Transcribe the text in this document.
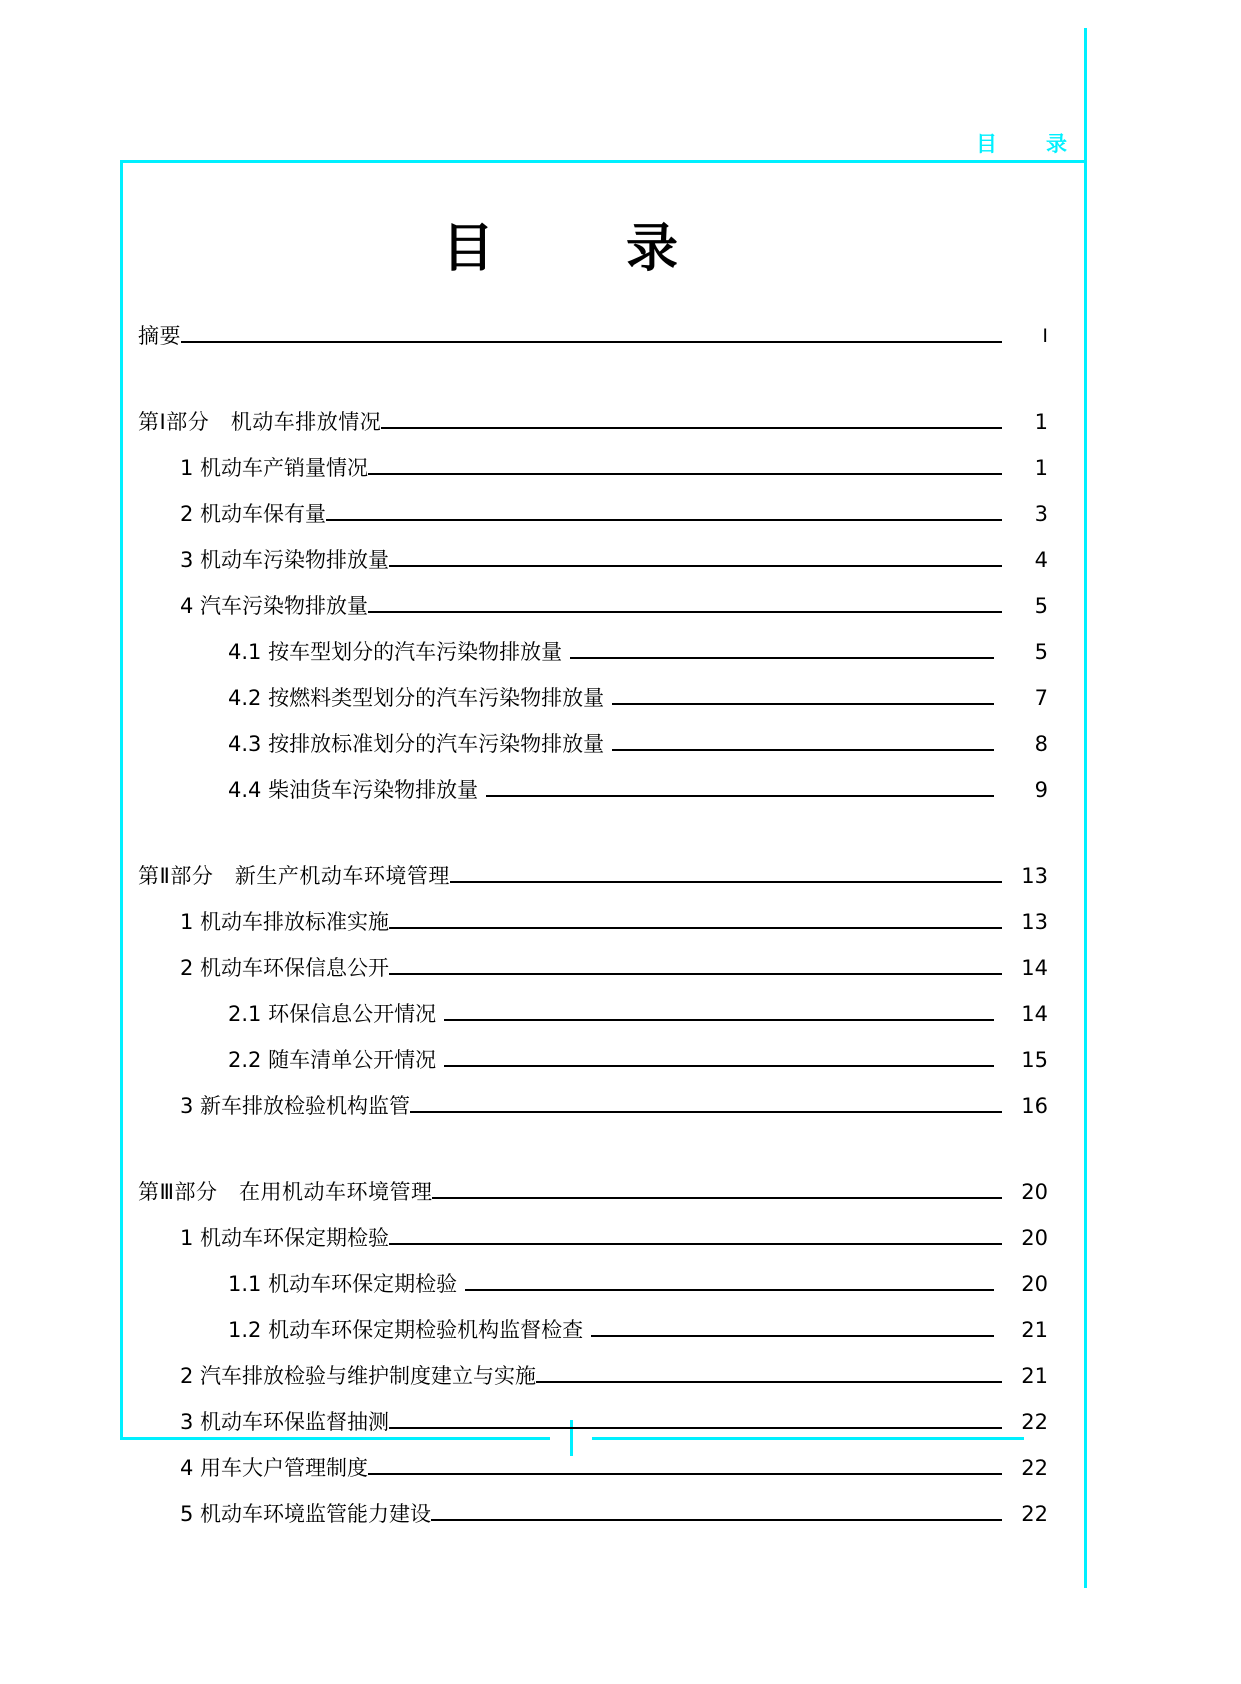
目　录
目　录
摘要	I
第Ⅰ部分　机动车排放情况	1
1 机动车产销量情况	1
2 机动车保有量	3
3 机动车污染物排放量	4
4 汽车污染物排放量	5
4.1 按车型划分的汽车污染物排放量	5
4.2 按燃料类型划分的汽车污染物排放量	7
4.3 按排放标准划分的汽车污染物排放量	8
4.4 柴油货车污染物排放量	9
第Ⅱ部分　新生产机动车环境管理	13
1 机动车排放标准实施	13
2 机动车环保信息公开	14
2.1 环保信息公开情况	14
2.2 随车清单公开情况	15
3 新车排放检验机构监管	16
第Ⅲ部分　在用机动车环境管理	20
1 机动车环保定期检验	20
1.1 机动车环保定期检验	20
1.2 机动车环保定期检验机构监督检查	21
2 汽车排放检验与维护制度建立与实施	21
3 机动车环保监督抽测	22
4 用车大户管理制度	22
5 机动车环境监管能力建设	22
